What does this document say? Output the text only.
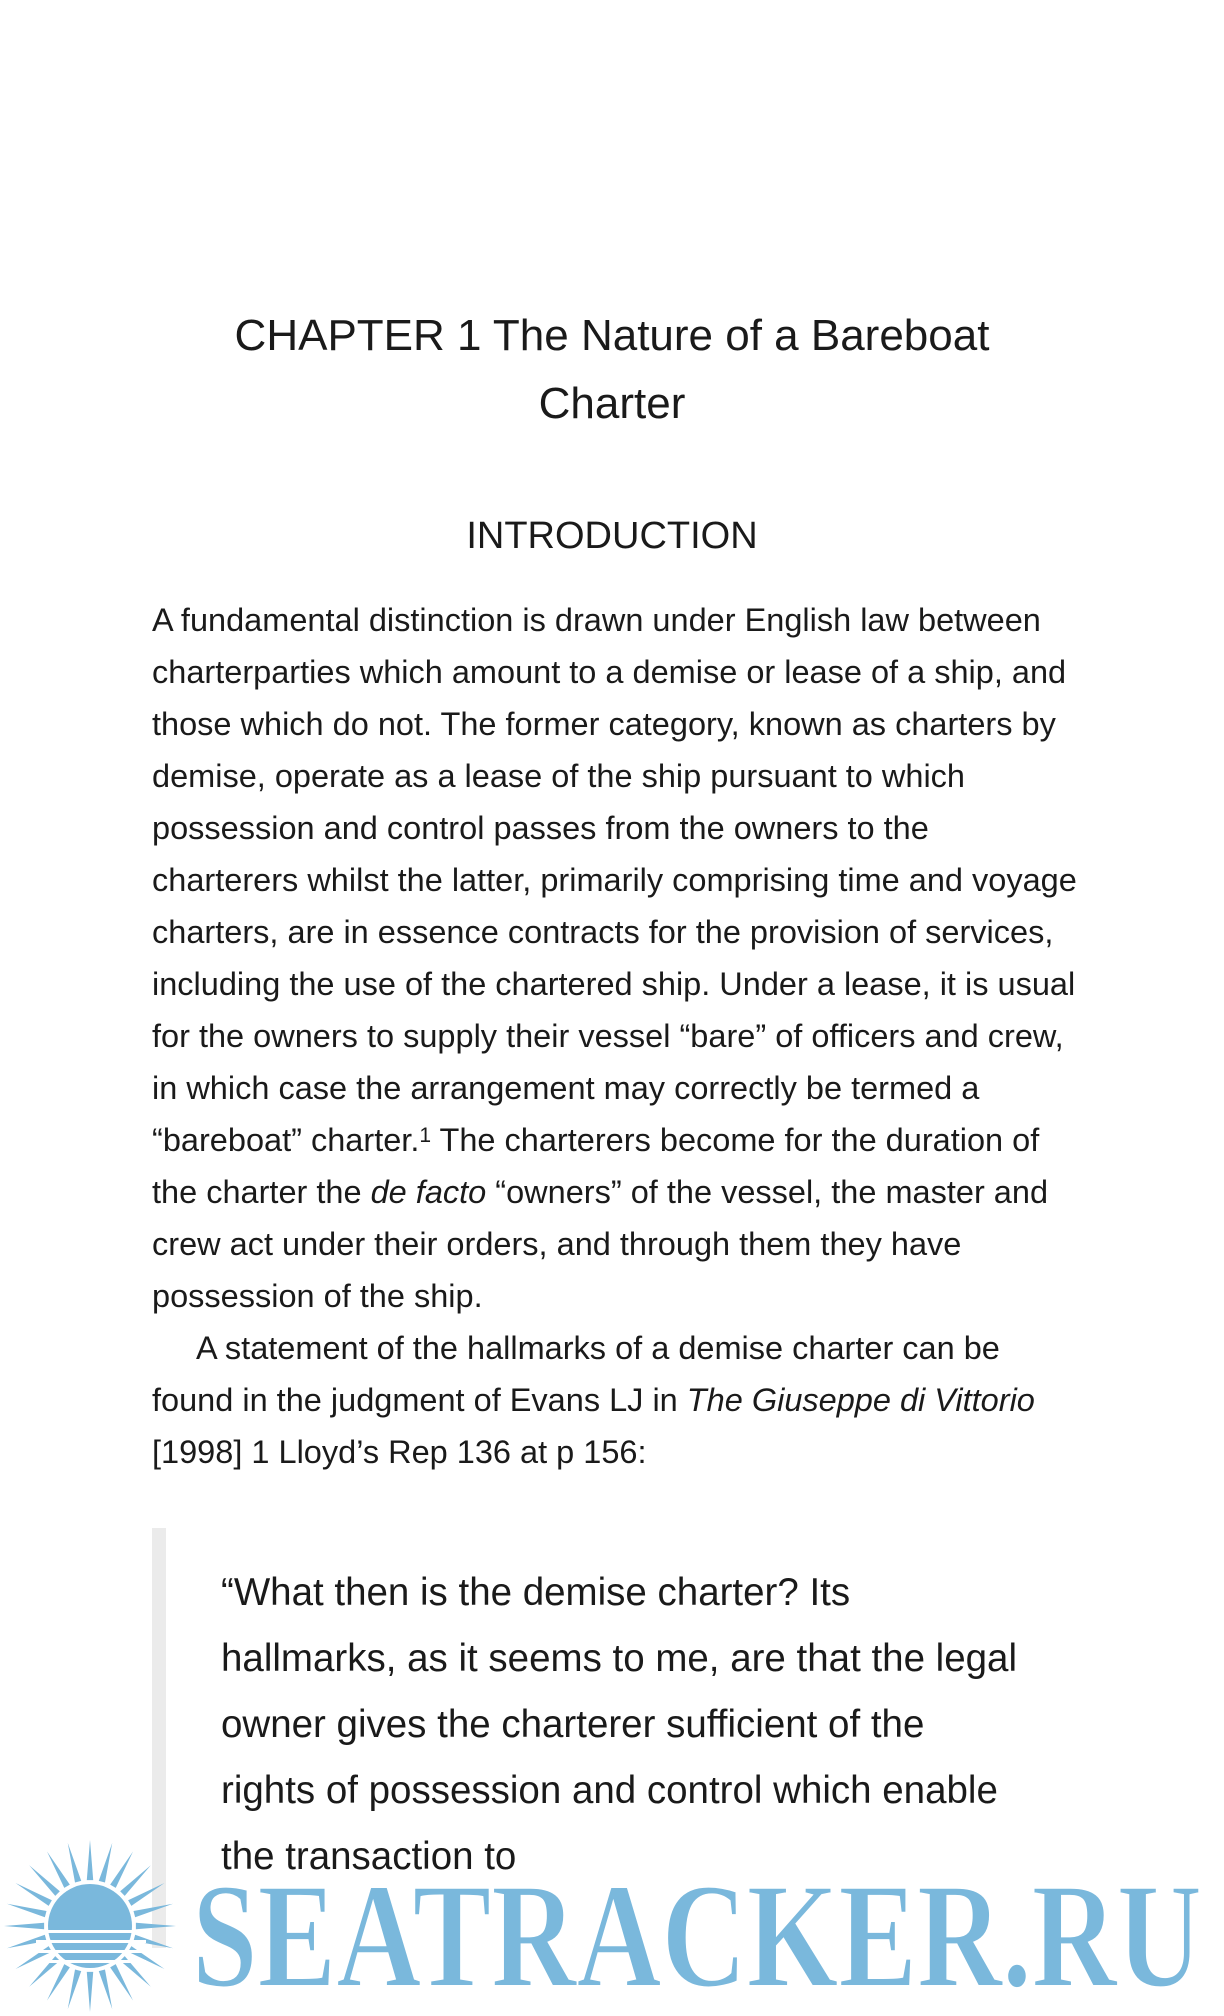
CHAPTER 1 The Nature of a Bareboat
Charter
INTRODUCTION

A fundamental distinction is drawn under English law between charterparties which amount to a demise or lease of a ship, and those which do not. The former category, known as charters by demise, operate as a lease of the ship pursuant to which possession and control passes from the owners to the charterers whilst the latter, primarily comprising time and voyage charters, are in essence contracts for the provision of services, including the use of the chartered ship. Under a lease, it is usual for the owners to supply their vessel “bare” of officers and crew, in which case the arrangement may correctly be termed a “bareboat” charter.$^1$ The charterers become for the duration of the charter the de facto “owners” of the vessel, the master and crew act under their orders, and through them they have possession of the ship.

A statement of the hallmarks of a demise charter can be found in the judgment of Evans LJ in The Giuseppe di Vittorio [1998] 1 Lloyd’s Rep 136 at p 156:

“What then is the demise charter? Its hallmarks, as it seems to me, are that the legal owner gives the charterer sufficient of the rights of possession and control which enable the transaction to

SEATRACKER.RU
